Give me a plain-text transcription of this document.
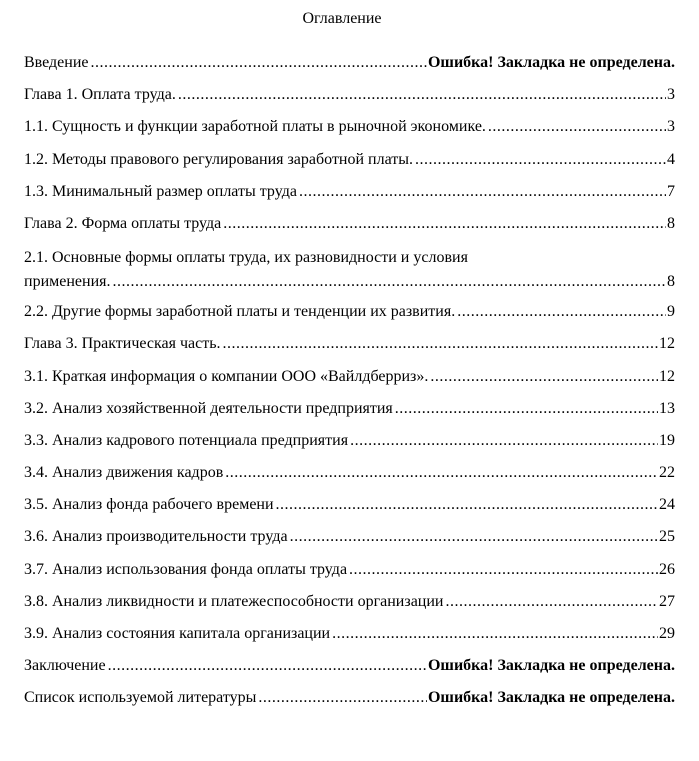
Оглавление
Введение .....	Ошибка! Закладка не определена.
Глава 1. Оплата труда. .....	3
1.1. Сущность и функции заработной платы в рыночной экономике. .....	3
1.2. Методы правового регулирования заработной платы. .....	4
1.3. Минимальный размер оплаты труда .....	7
Глава 2. Форма оплаты труда .....	8
2.1. Основные формы оплаты труда, их разновидности и условия
применения. .....	8
2.2. Другие формы заработной платы и тенденции их развития. .....	9
Глава 3. Практическая часть. .....	12
3.1. Краткая информация о компании ООО «Вайлдберриз». .....	12
3.2. Анализ хозяйственной деятельности предприятия .....	13
3.3. Анализ кадрового потенциала предприятия .....	19
3.4. Анализ движения кадров .....	22
3.5. Анализ фонда рабочего времени .....	24
3.6. Анализ производительности труда .....	25
3.7. Анализ использования фонда оплаты труда .....	26
3.8. Анализ ликвидности и платежеспособности организации .....	27
3.9. Анализ состояния капитала организации .....	29
Заключение .....	Ошибка! Закладка не определена.
Список используемой литературы .....	Ошибка! Закладка не определена.
